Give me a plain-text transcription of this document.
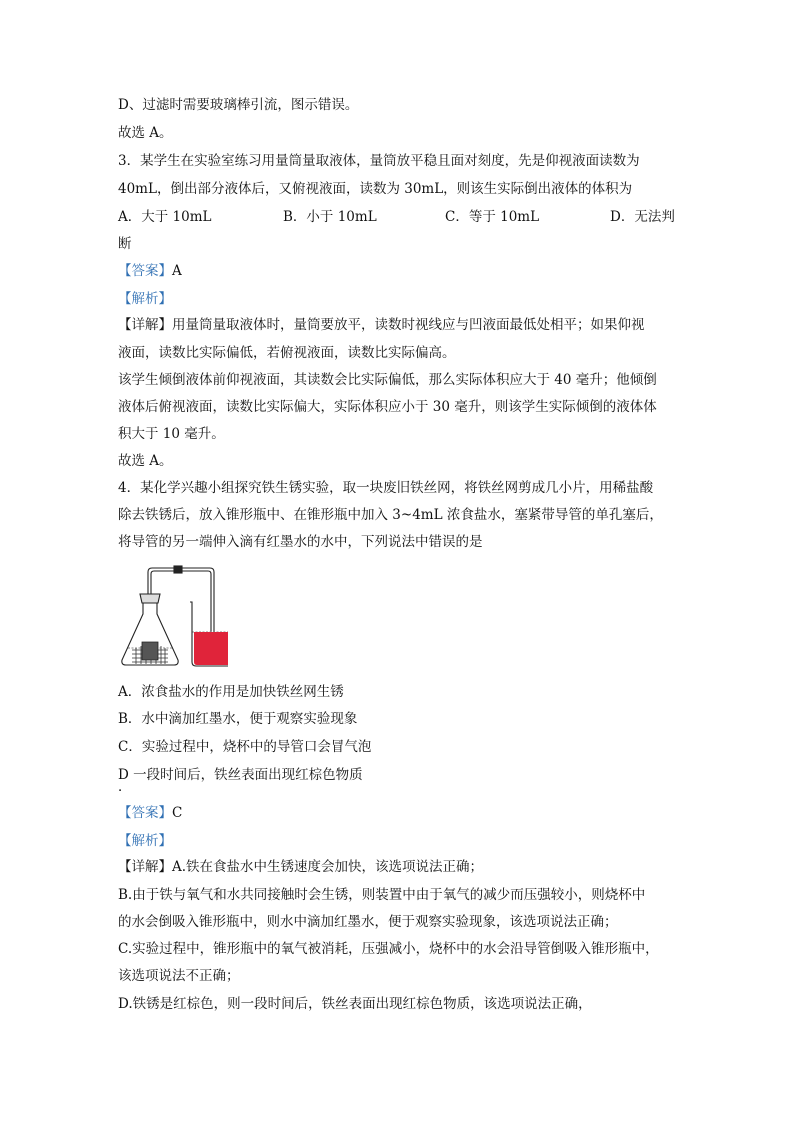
D、过滤时需要玻璃棒引流，图示错误。
故选 A。
3．某学生在实验室练习用量筒量取液体，量筒放平稳且面对刻度，先是仰视液面读数为
40mL，倒出部分液体后，又俯视液面，读数为 30mL，则该生实际倒出液体的体积为
A．大于 10mL	B．小于 10mL	C．等于 10mL	D．无法判
断
【答案】A
【解析】
【详解】用量筒量取液体时，量筒要放平，读数时视线应与凹液面最低处相平；如果仰视
液面，读数比实际偏低，若俯视液面，读数比实际偏高。
该学生倾倒液体前仰视液面，其读数会比实际偏低，那么实际体积应大于 40 毫升；他倾倒
液体后俯视液面，读数比实际偏大，实际体积应小于 30 毫升，则该学生实际倾倒的液体体
积大于 10 毫升。
故选 A。
4．某化学兴趣小组探究铁生锈实验，取一块废旧铁丝网，将铁丝网剪成几小片，用稀盐酸
除去铁锈后，放入锥形瓶中、在锥形瓶中加入 3~4mL 浓食盐水，塞紧带导管的单孔塞后，
将导管的另一端伸入滴有红墨水的水中，下列说法中错误的是
A．浓食盐水的作用是加快铁丝网生锈
B．水中滴加红墨水，便于观察实验现象
C．实验过程中，烧杯中的导管口会冒气泡
D 一段时间后，铁丝表面出现红棕色物质
．
【答案】C
【解析】
【详解】A.铁在食盐水中生锈速度会加快，该选项说法正确；
B.由于铁与氧气和水共同接触时会生锈，则装置中由于氧气的减少而压强较小，则烧杯中
的水会倒吸入锥形瓶中，则水中滴加红墨水，便于观察实验现象，该选项说法正确；
C.实验过程中，锥形瓶中的氧气被消耗，压强减小，烧杯中的水会沿导管倒吸入锥形瓶中，
该选项说法不正确；
D.铁锈是红棕色，则一段时间后，铁丝表面出现红棕色物质，该选项说法正确，
